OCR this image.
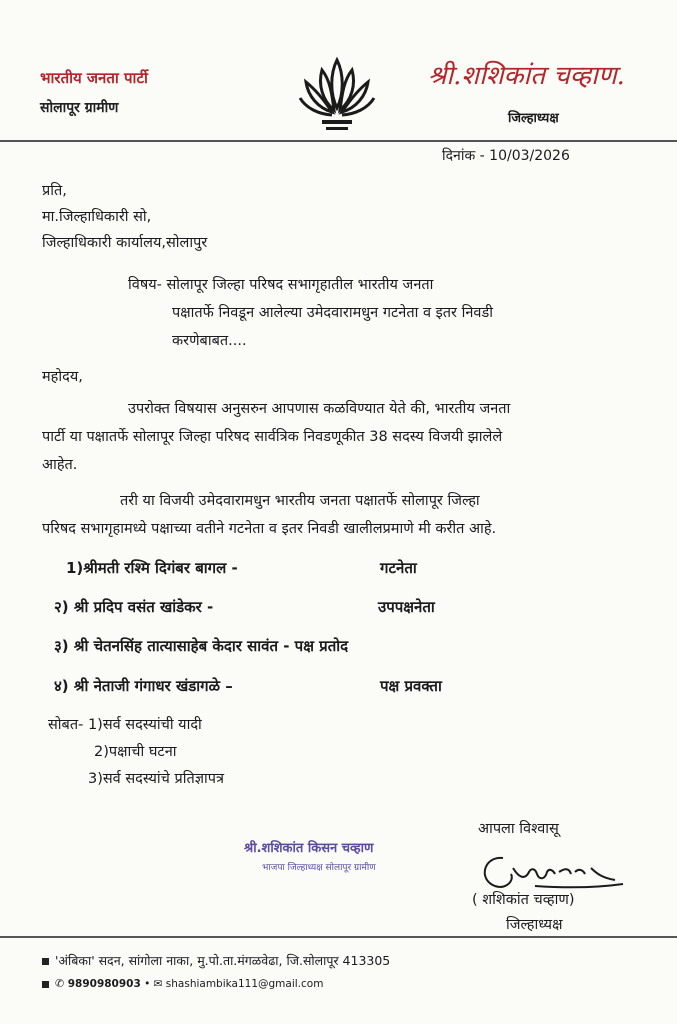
भारतीय जनता पार्टी
सोलापूर ग्रामीण
श्री.शशिकांत चव्हाण.
जिल्हाध्यक्ष
दिनांक - 10/03/2026
प्रति,
मा.जिल्हाधिकारी सो,
जिल्हाधिकारी कार्यालय,सोलापुर
विषय- सोलापूर जिल्हा परिषद सभागृहातील भारतीय जनता
पक्षातर्फे निवडून आलेल्या उमेदवारामधुन गटनेता व इतर निवडी
करणेबाबत....
महोदय,
उपरोक्त विषयास अनुसरुन आपणास कळविण्यात येते की, भारतीय जनता
पार्टी या पक्षातर्फे सोलापूर जिल्हा परिषद सार्वत्रिक निवडणूकीत 38 सदस्य विजयी झालेले
आहेत.
तरी या विजयी उमेदवारामधुन भारतीय जनता पक्षातर्फे सोलापूर जिल्हा
परिषद सभागृहामध्ये पक्षाच्या वतीने गटनेता व इतर निवडी खालीलप्रमाणे मी करीत आहे.
1)श्रीमती रश्मि दिगंबर बागल -	गटनेता
२) श्री प्रदिप वसंत खांडेकर -	उपपक्षनेता
३) श्री चेतनसिंह तात्यासाहेब केदार सावंत - पक्ष प्रतोद
४) श्री नेताजी गंगाधर खंडागळे –	पक्ष प्रवक्ता
सोबत- 1)सर्व सदस्यांची यादी
2)पक्षाची घटना
3)सर्व सदस्यांचे प्रतिज्ञापत्र
आपला विश्वासू
श्री.शशिकांत किसन चव्हाण
भाजपा जिल्हाध्यक्ष सोलापूर ग्रामीण
( शशिकांत चव्हाण)
जिल्हाध्यक्ष
'अंबिका' सदन, सांगोला नाका, मु.पो.ता.मंगळवेढा, जि.सोलापूर 413305
✆ 9890980903 • ✉ shashiambika111@gmail.com
